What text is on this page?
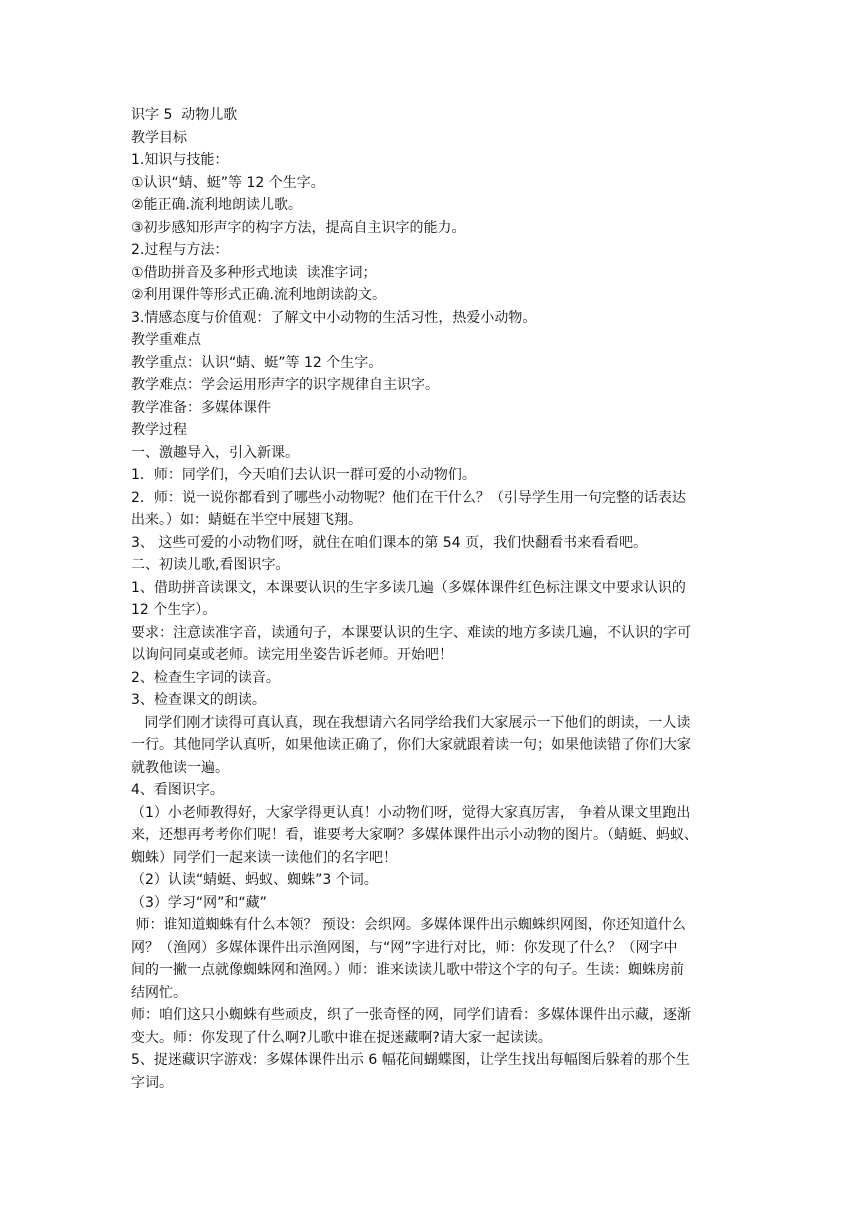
识字 5  动物儿歌
教学目标
1.知识与技能：
①认识“蜻、蜓”等 12 个生字。
②能正确.流利地朗读儿歌。
③初步感知形声字的构字方法，提高自主识字的能力。
2.过程与方法：
①借助拼音及多种形式地读  读准字词；
②利用课件等形式正确.流利地朗读韵文。
3.情感态度与价值观：了解文中小动物的生活习性，热爱小动物。
教学重难点
教学重点：认识“蜻、蜓”等 12 个生字。
教学难点：学会运用形声字的识字规律自主识字。
教学准备：多媒体课件
教学过程
一、激趣导入，引入新课。
1．师：同学们，今天咱们去认识一群可爱的小动物们。
2．师：说一说你都看到了哪些小动物呢？他们在干什么？（引导学生用一句完整的话表达
出来。）如：蜻蜓在半空中展翅飞翔。
3、 这些可爱的小动物们呀，就住在咱们课本的第 54 页，我们快翻看书来看看吧。
二、初读儿歌,看图识字。
1、借助拼音读课文，本课要认识的生字多读几遍（多媒体课件红色标注课文中要求认识的
12 个生字）。
要求：注意读准字音，读通句子，本课要认识的生字、难读的地方多读几遍，不认识的字可
以询问同桌或老师。读完用坐姿告诉老师。开始吧！
2、检查生字词的读音。
3、检查课文的朗读。
同学们刚才读得可真认真，现在我想请六名同学给我们大家展示一下他们的朗读，一人读
一行。其他同学认真听，如果他读正确了，你们大家就跟着读一句；如果他读错了你们大家
就教他读一遍。
4、看图识字。
（1）小老师教得好，大家学得更认真！小动物们呀，觉得大家真厉害， 争着从课文里跑出
来，还想再考考你们呢！看，谁要考大家啊？多媒体课件出示小动物的图片。（蜻蜓、蚂蚁、
蜘蛛）同学们一起来读一读他们的名字吧！
（2）认读“蜻蜓、蚂蚁、蜘蛛”3 个词。
（3）学习“网”和“藏”
师：谁知道蜘蛛有什么本领？ 预设：会织网。多媒体课件出示蜘蛛织网图，你还知道什么
网？（渔网）多媒体课件出示渔网图，与“网”字进行对比，师：你发现了什么？（网字中
间的一撇一点就像蜘蛛网和渔网。）师：谁来读读儿歌中带这个字的句子。生读：蜘蛛房前
结网忙。
师：咱们这只小蜘蛛有些顽皮，织了一张奇怪的网，同学们请看：多媒体课件出示藏，逐渐
变大。师：你发现了什么啊?儿歌中谁在捉迷藏啊?请大家一起读读。
5、捉迷藏识字游戏：多媒体课件出示 6 幅花间蝴蝶图，让学生找出每幅图后躲着的那个生
字词。
